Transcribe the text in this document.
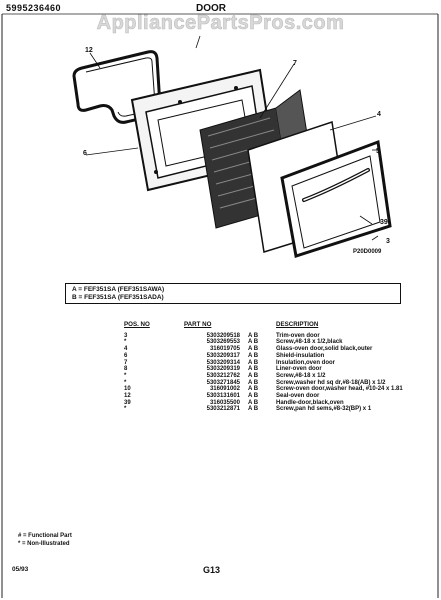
5995236460	DOOR
AppliancePartsPros.com
12
6
7
4
5
3
39
P20D0009
A = FEF351SA (FEF351SAWA)
B = FEF351SA (FEF351SADA)
POS. NO	PART NO		DESCRIPTION
3	5303209518	A B	Trim-oven door
*	5303269553	A B	Screw,#8-18 x 1/2,black
4	316019705	A B	Glass-oven door,solid black,outer
6	5303209317	A B	Shield-insulation
7	5303209314	A B	Insulation,oven door
8	5303209319	A B	Liner-oven door
*	5303212762	A B	Screw,#8-18 x 1/2
*	5303271845	A B	Screw,washer hd sq dr,#8-18(AB) x 1/2
10	316091002	A B	Screw-oven door,washer head, #10-24 x 1.81
12	5303131601	A B	Seal-oven door
39	316035500	A B	Handle-door,black,oven
*	5303212871	A B	Screw,pan hd sems,#8-32(BP) x 1
# = Functional Part
* = Non-Illustrated
05/93	G13
